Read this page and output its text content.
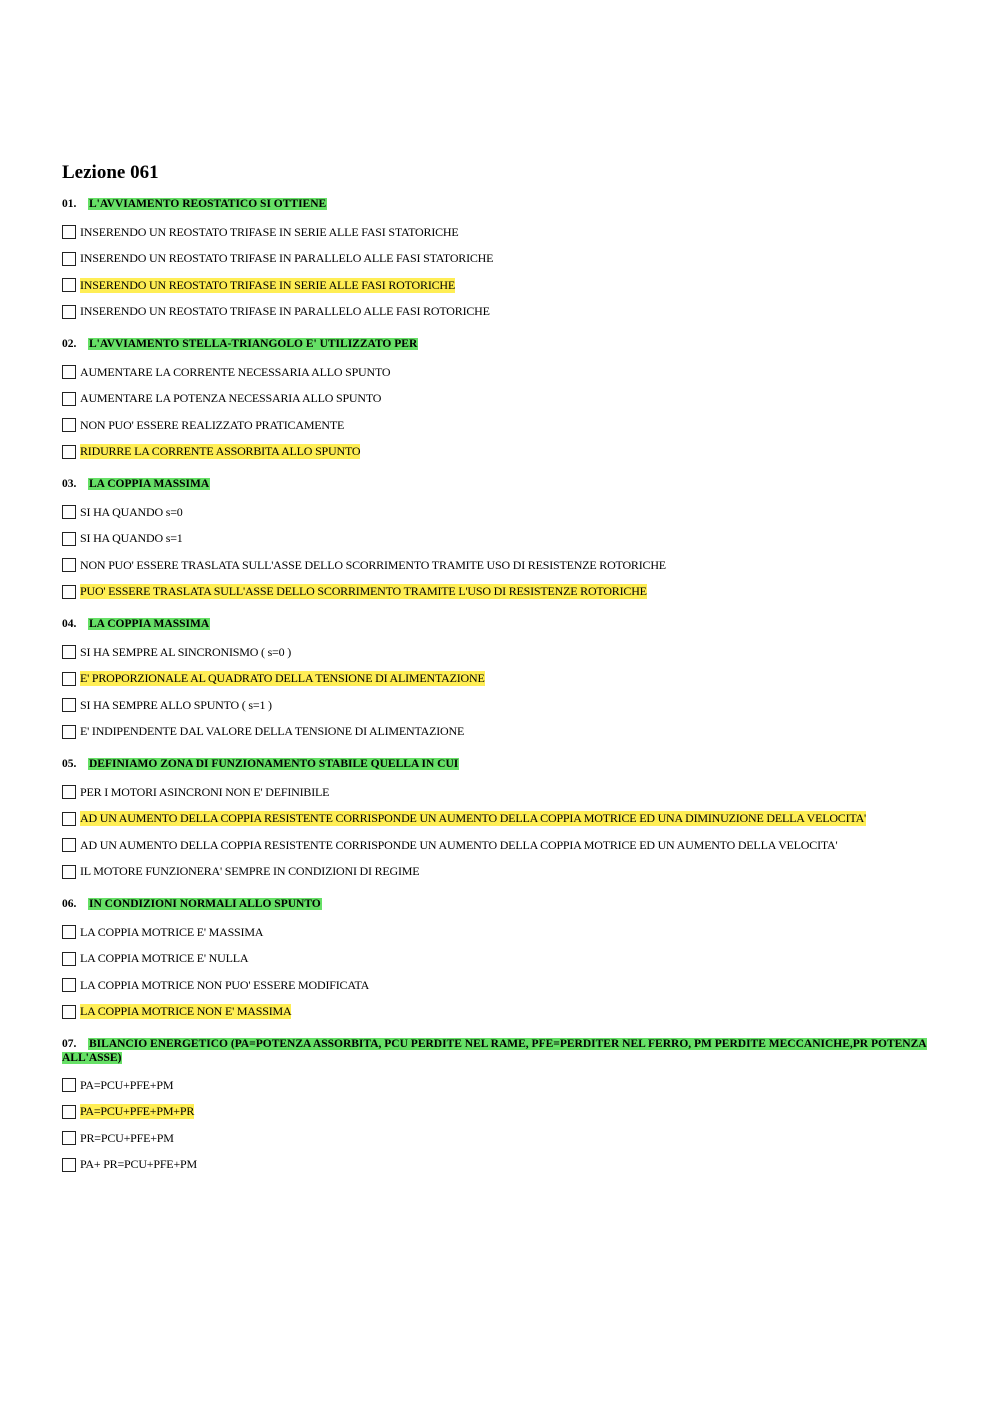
Lezione 061
01. L'AVVIAMENTO REOSTATICO SI OTTIENE
INSERENDO UN REOSTATO TRIFASE IN SERIE ALLE FASI STATORICHE
INSERENDO UN REOSTATO TRIFASE IN PARALLELO ALLE FASI STATORICHE
INSERENDO UN REOSTATO TRIFASE IN SERIE ALLE FASI ROTORICHE
INSERENDO UN REOSTATO TRIFASE IN PARALLELO ALLE FASI ROTORICHE
02. L'AVVIAMENTO STELLA-TRIANGOLO E' UTILIZZATO PER
AUMENTARE LA CORRENTE NECESSARIA ALLO SPUNTO
AUMENTARE LA POTENZA NECESSARIA ALLO SPUNTO
NON PUO' ESSERE REALIZZATO PRATICAMENTE
RIDURRE LA CORRENTE ASSORBITA ALLO SPUNTO
03. LA COPPIA MASSIMA
SI HA QUANDO s=0
SI HA QUANDO s=1
NON PUO' ESSERE TRASLATA SULL'ASSE DELLO SCORRIMENTO TRAMITE USO DI RESISTENZE ROTORICHE
PUO' ESSERE TRASLATA SULL'ASSE DELLO SCORRIMENTO TRAMITE L'USO DI RESISTENZE ROTORICHE
04. LA COPPIA MASSIMA
SI HA SEMPRE AL SINCRONISMO ( s=0 )
E' PROPORZIONALE AL QUADRATO DELLA TENSIONE DI ALIMENTAZIONE
SI HA SEMPRE ALLO SPUNTO ( s=1 )
E' INDIPENDENTE DAL VALORE DELLA TENSIONE DI ALIMENTAZIONE
05. DEFINIAMO ZONA DI FUNZIONAMENTO STABILE QUELLA IN CUI
PER I MOTORI ASINCRONI NON E' DEFINIBILE
AD UN AUMENTO DELLA COPPIA RESISTENTE CORRISPONDE UN AUMENTO DELLA COPPIA MOTRICE ED UNA DIMINUZIONE DELLA VELOCITA'
AD UN AUMENTO DELLA COPPIA RESISTENTE CORRISPONDE UN AUMENTO DELLA COPPIA MOTRICE ED UN AUMENTO DELLA VELOCITA'
IL MOTORE FUNZIONERA' SEMPRE IN CONDIZIONI DI REGIME
06. IN CONDIZIONI NORMALI ALLO SPUNTO
LA COPPIA MOTRICE E' MASSIMA
LA COPPIA MOTRICE E' NULLA
LA COPPIA MOTRICE NON PUO' ESSERE MODIFICATA
LA COPPIA MOTRICE NON E' MASSIMA
07. BILANCIO ENERGETICO (PA=POTENZA ASSORBITA, PCU PERDITE NEL RAME, PFE=PERDITER NEL FERRO, PM PERDITE MECCANICHE,PR POTENZA ALL'ASSE)
PA=PCU+PFE+PM
PA=PCU+PFE+PM+PR
PR=PCU+PFE+PM
PA+ PR=PCU+PFE+PM
